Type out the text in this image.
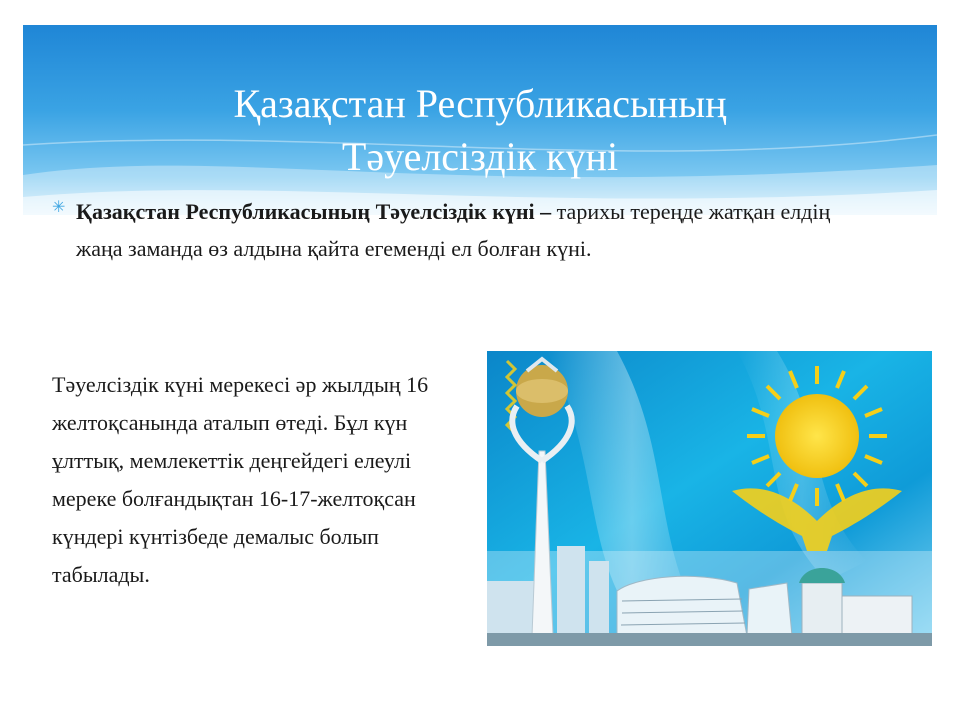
Қазақстан Республикасының
Тәуелсіздік күні
✳ Қазақстан Республикасының Тәуелсіздік күні – тарихы тереңде жатқан елдің жаңа заманда өз алдына қайта егеменді ел болған күні.
Тәуелсіздік күні мерекесі әр жылдың 16 желтоқсанында аталып өтеді. Бұл күн ұлттық, мемлекеттік деңгейдегі елеулі мереке болғандықтан 16-17-желтоқсан күндері күнтізбеде демалыс болып табылады.
